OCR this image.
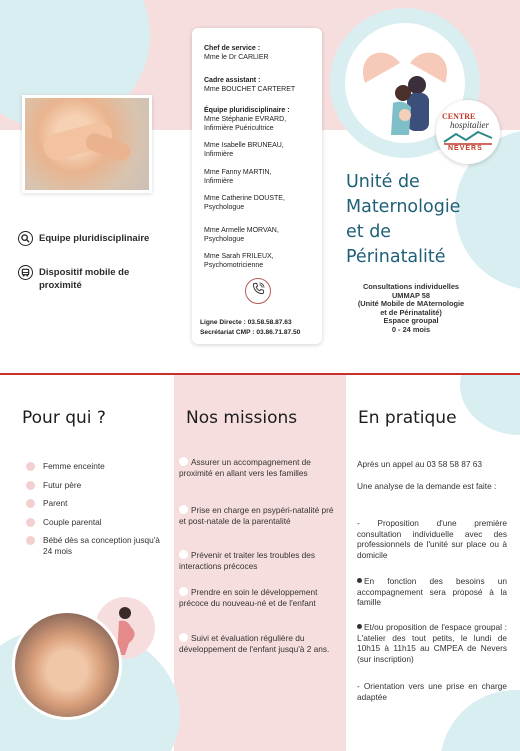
Equipe pluridisciplinaire
Dispositif mobile de proximité
Chef de service :
Mme le Dr CARLIER
Cadre assistant :
Mme BOUCHET CARTERET
Équipe pluridisciplinaire :
Mme Stéphanie EVRARD,
Infirmière Puéricultrice
Mme Isabelle BRUNEAU,
Infirmière
Mme Fanny MARTIN,
Infirmière
Mme Catherine DOUSTE,
Psychologue
Mme Armelle MORVAN,
Psychologue
Mme Sarah FRILEUX,
Psychomotricienne
Ligne Directe : 03.58.58.87.63
Secrétariat CMP : 03.86.71.87.50
CENTRE
hospitalier
NEVERS
Unité de
Maternologie
et de
Périnatalité
Consultations individuelles
UMMAP 58
(Unité Mobile de MAternologie
et de Périnatalité)
Espace groupal
0 - 24 mois
Pour qui ?
Femme enceinte
Futur père
Parent
Couple parental
Bébé dès sa conception jusqu'à 24 mois
Nos missions
Assurer un accompagnement de proximité en allant vers les familles
Prise en charge en psypéri-natalité pré et post-natale de la parentalité
Prévenir et traiter les troubles des interactions précoces
Prendre en soin le développement précoce du nouveau-né et de l'enfant
Suivi et évaluation régulière du développement de l'enfant jusqu'à 2 ans.
En pratique
Après un appel au 03 58 58 87 63
Une analyse de la demande est faite :
- Proposition d'une première consultation individuelle avec des professionnels de l'unité sur place ou à domicile
En fonction des besoins un accompagnement sera proposé à la famille
Et/ou proposition de l'espace groupal : L'atelier des tout petits, le lundi de 10h15 à 11h15 au CMPEA de Nevers (sur inscription)
- Orientation vers une prise en charge adaptée
